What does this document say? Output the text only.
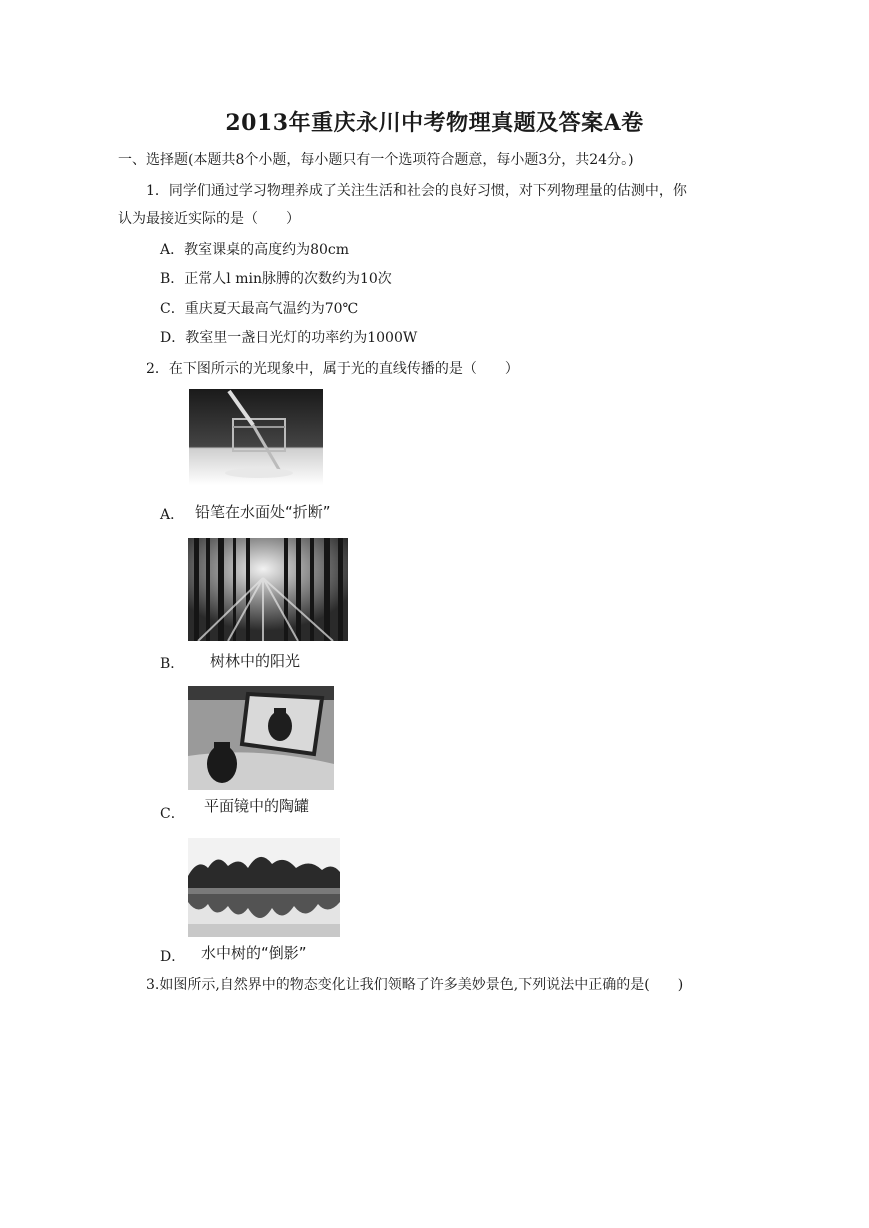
2013年重庆永川中考物理真题及答案A卷
一、选择题(本题共8个小题，每小题只有一个选项符合题意，每小题3分，共24分。)
1．同学们通过学习物理养成了关注生活和社会的良好习惯，对下列物理量的估测中，你
认为最接近实际的是（　　）
A．教室课桌的高度约为80cm
B．正常人l min脉膊的次数约为10次
C．重庆夏天最高气温约为70℃
D．教室里一盏日光灯的功率约为1000W
2．在下图所示的光现象中，属于光的直线传播的是（　　）
A． 铅笔在水面处“折断”
B． 树林中的阳光
C． 平面镜中的陶罐
D． 水中树的“倒影”
3.如图所示,自然界中的物态变化让我们领略了许多美妙景色,下列说法中正确的是(　　)
